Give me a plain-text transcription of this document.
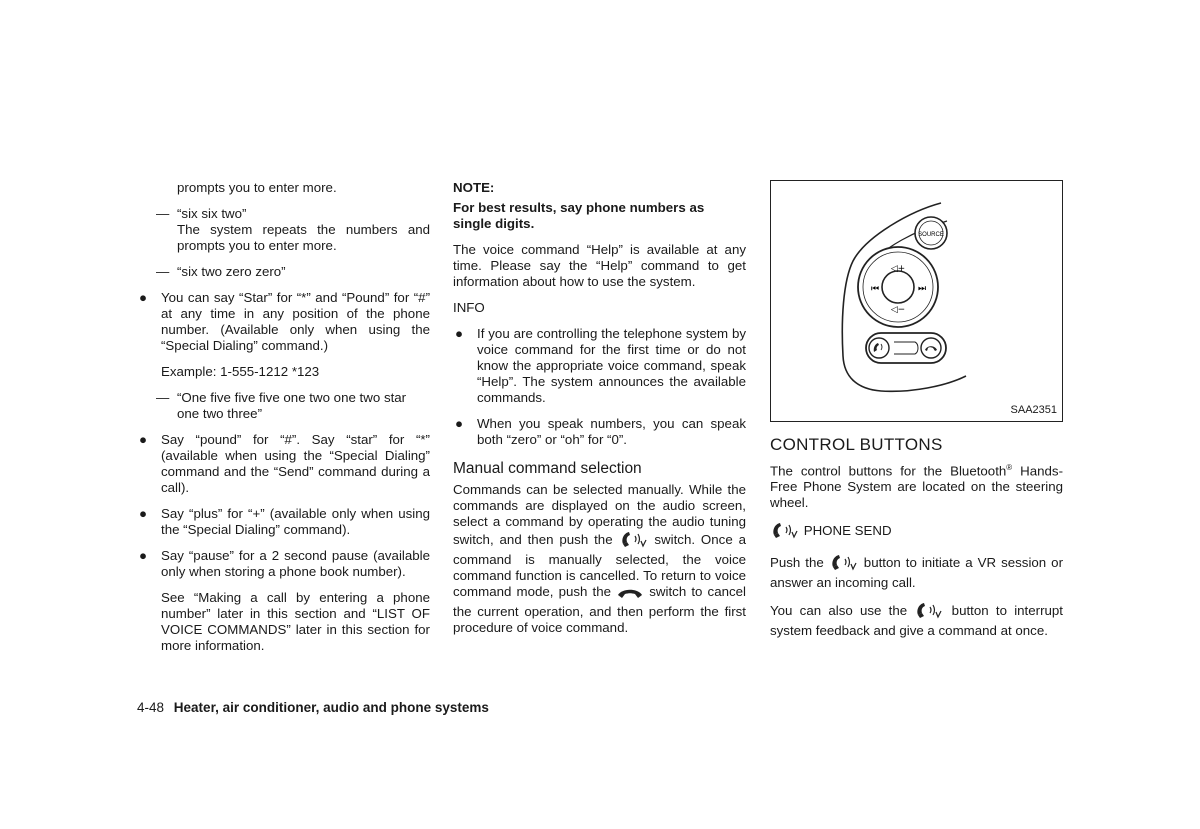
prompts you to enter more.

— “six six two”
The system repeats the numbers and prompts you to enter more.
— “six two zero zero”
● You can say “Star” for “*” and “Pound” for “#” at any time in any position of the phone number. (Available only when using the “Special Dialing” command.)

Example: 1-555-1212 *123

— “One five five five one two one two star one two three”
● Say “pound” for “#”. Say “star” for “*” (available when using the “Special Dialing” command and the “Send” command during a call).
● Say “plus” for “+” (available only when using the “Special Dialing” command).
● Say “pause” for a 2 second pause (available only when storing a phone book number).

See “Making a call by entering a phone number” later in this section and “LIST OF VOICE COMMANDS” later in this section for more information.

NOTE:
For best results, say phone numbers as single digits.

The voice command “Help” is available at any time. Please say the “Help” command to get information about how to use the system.

INFO

● If you are controlling the telephone system by voice command for the first time or do not know the appropriate voice command, speak “Help”. The system announces the available commands.
● When you speak numbers, you can speak both “zero” or “oh” for “0”.
Manual command selection

Commands can be selected manually. While the commands are displayed on the audio screen, select a command by operating the audio tuning switch, and then push the	switch. Once a command is manually selected, the voice command function is cancelled. To return to voice command mode, push the	switch to cancel the current operation, and then perform the first procedure of voice command.

SOURCE
◁+
◁−
⏮	⏭
SAA2351
CONTROL BUTTONS

The control buttons for the Bluetooth® Hands-Free Phone System are located on the steering wheel.

PHONE SEND

Push the	button to initiate a VR session or answer an incoming call.

You can also use the	button to interrupt system feedback and give a command at once.

4-48 Heater, air conditioner, audio and phone systems
